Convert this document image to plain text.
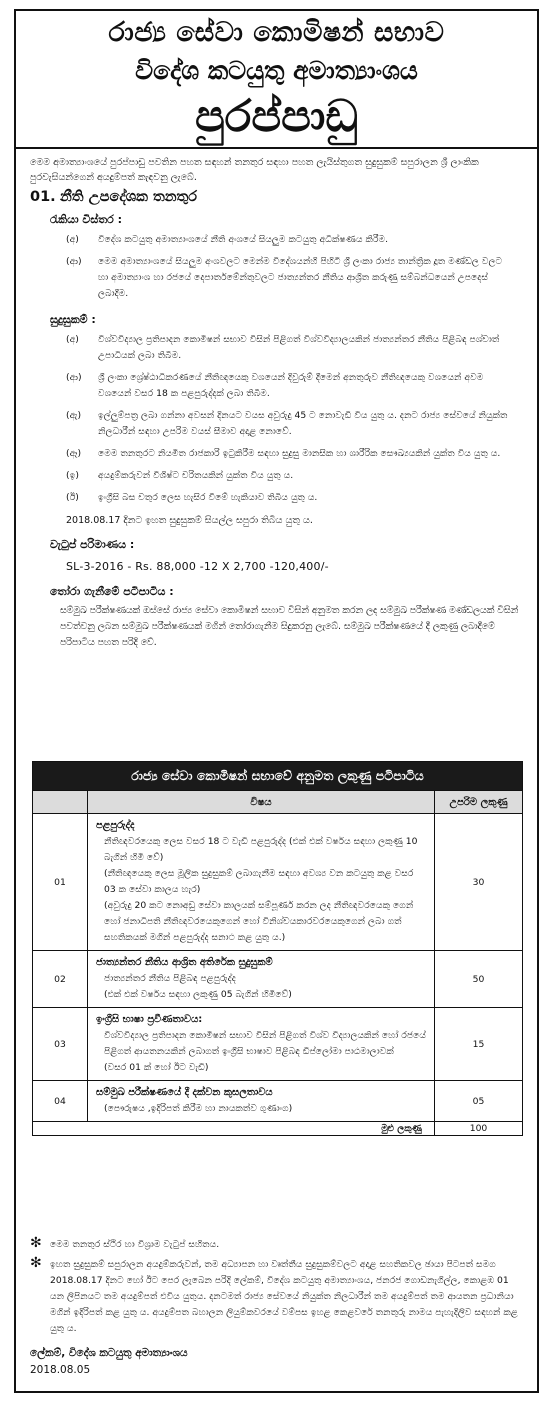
රාජ්‍ය සේවා කොමිෂන් සභාව
විදේශ කටයුතු අමාත්‍යාංශය
පුරප්පාඩු
මෙම අමාත්‍යාංශයේ පුරප්පාඩු පවතින පහත සඳහන් තනතුර සඳහා පහත ලැයිස්තුගත සුදුසුකම් සපුරාලන ශ්‍රී ලාංකික පුරවැසියන්ගෙන් අයදුම්පත් කැඳවනු ලැබේ.
01. නීති උපදේශක තනතුර
රැකියා විස්තර :
(අ) විදේශ කටයුතු අමාත්‍යාංශයේ නීති අංශයේ සියලුම කටයුතු අධීක්ෂණය කිරීම.
(ආ) මෙම අමාත්‍යාංශයේ සියලුම අංශවලට මෙන්ම විදේශයන්හි පිහිටි ශ්‍රී ලංකා රාජ්‍ය තාන්ත්‍රික දූත මණ්ඩල වලට හා අමාත්‍යාංශ හා රජයේ දෙපාර්තමේන්තුවලට ජාත්‍යන්තර නීතිය ආශ්‍රිත කරුණු සම්බන්ධයෙන් උපදෙස් ලබාදීම.
සුදුසුකම් :
(අ) විශ්වවිද්‍යාල ප්‍රතිපාදන කොමිෂන් සභාව විසින් පිළිගත් විශ්වවිද්‍යාලයකින් ජාත්‍යන්තර නීතිය පිළිබඳ පශ්චාත් උපාධියක් ලබා තිබීම.
(ආ) ශ්‍රී ලංකා ශ්‍රේෂ්ඨාධිකරණයේ නීතිඥයෙකු වශයෙන් දිවුරුම් දීමෙන් අනතුරුව නීතිඥයෙකු වශයෙන් අවම වශයෙන් වසර 18 ක පළපුරුද්දක් ලබා තිබීම.
(ඇ) ඉල්ලුම්පත්‍ර ලබා ගන්නා අවසන් දිනයට වයස අවුරුදු 45 ට නොවැඩි විය යුතු ය. දනට රාජ්‍ය සේවයේ නියුක්ත නිලධාරීන් සඳහා උපරිම වයස් සීමාව අදාළ නොවේ.
(ඈ) මෙම තනතුරට නියමිත රාජකාරි ඉටුකිරීම සඳහා සුදුසු මානසික හා ශාරීරික සෞඛ්‍යයකින් යුක්ත විය යුතු ය.
(ඉ) අයදුම්කරුවන් විශිෂ්ට චරිතයකින් යුක්ත විය යුතු ය.
(ඊ) ඉංග්‍රීසි බස චතුර ලෙස හැසිර වීමේ හැකියාව තිබිය යුතු ය.
2018.08.17 දිනට ඉහත සුදුසුකම් සියල්ල සපුරා තිබිය යුතු ය.
වැටුප් පරිමාණය :
SL-3-2016 - Rs. 88,000 -12 X 2,700 -120,400/-
තෝරා ගැනීමේ පටිපාටිය :
සම්මුඛ පරීක්ෂණයක් ඔස්සේ රාජ්‍ය සේවා කොමිෂන් සභාව විසින් අනුමත කරන ලද සම්මුඛ පරීක්ෂණ මණ්ඩලයක් විසින් පවත්වනු ලබන සම්මුඛ පරීක්ෂණයක් මගින් තෝරාගැනීම සිදුකරනු ලැබේ. සම්මුඛ පරීක්ෂණයේ දී ලකුණු ලබාදීමේ පරිපාටිය පහත පරිදි වේ.
රාජ්‍ය සේවා කොමිෂන් සභාවේ අනුමත ලකුණු පටිපාටිය		
	විෂය	උපරිම ලකුණු
01	පළපුරුද්ද
නීතිඥවරයෙකු ලෙස වසර 18 ට වැඩි පළපුරුද්ද (එක් එක් වර්ෂය සඳහා ලකුණු 10 බැගින් හිමි වේ)
(නීතිඥයෙකු ලෙස මූලික සුදුසුකම් ලබාගැනීම සඳහා අවශ්‍ය වන කටයුතු කළ වසර 03 ක සේවා කාලය හැර)
(අවුරුදු 20 කට නොඅඩු සේවා කාලයක් සම්පූර්ණ කරන ලද නීතිඥවරයෙකු ගෙන් හෝ ජනාධිපති නීතිඥවරයෙකුගෙන් හෝ විනිශ්චයකාරවරයෙකුගෙන් ලබා ගත් සහතිකයක් මගින් පළපුරුද්ද සනාථ කළ යුතු ය.)	30
02	ජාත්‍යන්තර නීතිය ආශ්‍රිත අතිරේක සුදුසුකම්
ජාත්‍යන්තර නීතිය පිළිබඳ පළපුරුද්ද
(එක් එක් වර්ෂය සඳහා ලකුණු 05 බැගින් හිමිවේ)	50
03	ඉංග්‍රීසි භාෂා ප්‍රවීණතාවය:
විශ්වවිද්‍යාල ප්‍රතිපාදන කොමිෂන් සභාව විසින් පිළිගත් විශ්ව විද්‍යාලයකින් හෝ රජයේ පිළිගත් ආයතනයකින් ලබාගත් ඉංග්‍රීසි භාෂාව පිළිබඳ ඩිප්ලෝමා පාඨමාලාවක්
(වසර 01 ක් හෝ ඊට වැඩි)	15
04	සම්මුඛ පරීක්ෂණයේ දී දක්වන කුසලතාවය
(පෞරුෂය ,ඉදිරිපත් කිරීම හා නායකත්ව ගුණාංග)	05
මුළු ලකුණු		100
✻ මෙම තනතුර ස්ථිර හා විශ්‍රාම වැටුප් සහිතය.
✻ ඉහත සුදුසුකම් සපුරාලන අයදුම්කරුවන්, තම අධ්‍යාපන හා වෘත්තීය සුදුසුකම්වලට අදාළ සහතිකවල ඡායා පිටපත් සමග 2018.08.17 දිනට හෝ ඊට පෙර ලැබෙන පරිදි ලේකම්, විදේශ කටයුතු අමාත්‍යාංශය, ජනරජ ගොඩනැගිල්ල, කොළඹ 01 යන ලිපිනයට තම අයදුම්පත් එවිය යුතුය. දනටමත් රාජ්‍ය සේවයේ නියුක්ත නිලධාරීන් තම අයදුම්පත් තම ආයතන ප්‍රධානියා මගින් ඉදිරිපත් කළ යුතු ය. අයදුම්පත බහාලන ලියුම්කවරයේ වම්පස ඉහළ කෙළවරේ තනතුරු නාමය පැහැදිලිව සඳහන් කළ යුතු ය.
ලේකම්, විදේශ කටයුතු අමාත්‍යාංශය
2018.08.05
